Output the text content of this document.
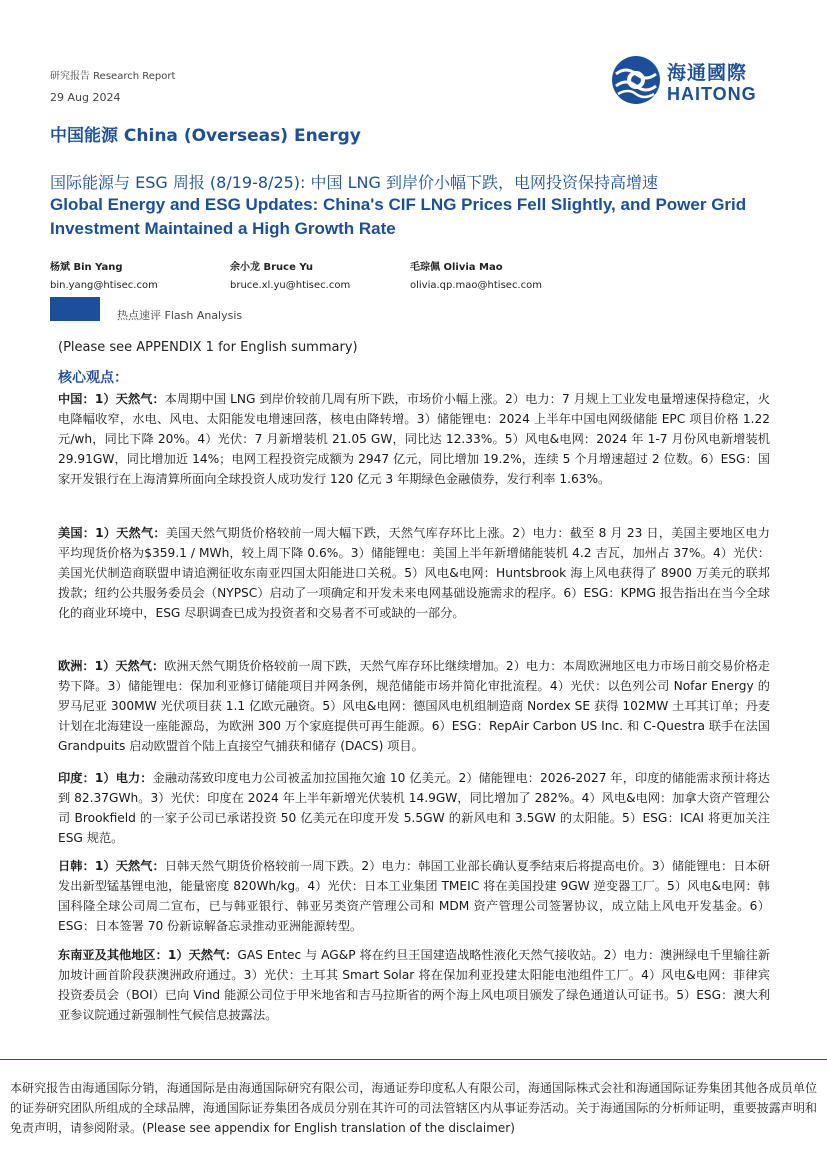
研究报告 Research Report
29 Aug 2024
海通國際
HAITONG
中国能源 China (Overseas) Energy
国际能源与 ESG 周报 (8/19-8/25): 中国 LNG 到岸价小幅下跌，电网投资保持高增速
Global Energy and ESG Updates: China's CIF LNG Prices Fell Slightly, and Power Grid Investment Maintained a High Growth Rate
杨斌 Bin Yang
bin.yang@htisec.com
余小龙 Bruce Yu
bruce.xl.yu@htisec.com
毛琮佩 Olivia Mao
olivia.qp.mao@htisec.com
热点速评 Flash Analysis
(Please see APPENDIX 1 for English summary)
核心观点：
中国：1）天然气：本周期中国 LNG 到岸价较前几周有所下跌，市场价小幅上涨。2）电力：7 月规上工业发电量增速保持稳定，火电降幅收窄，水电、风电、太阳能发电增速回落，核电由降转增。3）储能锂电：2024 上半年中国电网级储能 EPC 项目价格 1.22 元/wh，同比下降 20%。4）光伏：7 月新增装机 21.05 GW，同比达 12.33%。5）风电&电网：2024 年 1-7 月份风电新增装机 29.91GW，同比增加近 14%；电网工程投资完成额为 2947 亿元，同比增加 19.2%，连续 5 个月增速超过 2 位数。6）ESG：国家开发银行在上海清算所面向全球投资人成功发行 120 亿元 3 年期绿色金融债券，发行利率 1.63%。
美国：1）天然气：美国天然气期货价格较前一周大幅下跌，天然气库存环比上涨。2）电力：截至 8 月 23 日，美国主要地区电力平均现货价格为$359.1 / MWh，较上周下降 0.6%。3）储能锂电：美国上半年新增储能装机 4.2 吉瓦，加州占 37%。4）光伏：美国光伏制造商联盟申请追溯征收东南亚四国太阳能进口关税。5）风电&电网：Huntsbrook 海上风电获得了 8900 万美元的联邦拨款；纽约公共服务委员会（NYPSC）启动了一项确定和开发未来电网基础设施需求的程序。6）ESG：KPMG 报告指出在当今全球化的商业环境中，ESG 尽职调查已成为投资者和交易者不可或缺的一部分。
欧洲：1）天然气：欧洲天然气期货价格较前一周下跌，天然气库存环比继续增加。2）电力：本周欧洲地区电力市场日前交易价格走势下降。3）储能锂电：保加利亚修订储能项目并网条例，规范储能市场并简化审批流程。4）光伏：以色列公司 Nofar Energy 的罗马尼亚 300MW 光伏项目获 1.1 亿欧元融资。5）风电&电网：德国风电机组制造商 Nordex SE 获得 102MW 土耳其订单；丹麦计划在北海建设一座能源岛，为欧洲 300 万个家庭提供可再生能源。6）ESG：RepAir Carbon US Inc. 和 C-Questra 联手在法国 Grandpuits 启动欧盟首个陆上直接空气捕获和储存 (DACS) 项目。
印度：1）电力：金融动荡致印度电力公司被孟加拉国拖欠逾 10 亿美元。2）储能锂电：2026-2027 年，印度的储能需求预计将达到 82.37GWh。3）光伏：印度在 2024 年上半年新增光伏装机 14.9GW，同比增加了 282%。4）风电&电网：加拿大资产管理公司 Brookfield 的一家子公司已承诺投资 50 亿美元在印度开发 5.5GW 的新风电和 3.5GW 的太阳能。5）ESG：ICAI 将更加关注 ESG 规范。
日韩：1）天然气：日韩天然气期货价格较前一周下跌。2）电力：韩国工业部长确认夏季结束后将提高电价。3）储能锂电：日本研发出新型锰基锂电池，能量密度 820Wh/kg。4）光伏：日本工业集团 TMEIC 将在美国投建 9GW 逆变器工厂。5）风电&电网：韩国科隆全球公司周二宣布，已与韩亚银行、韩亚另类资产管理公司和 MDM 资产管理公司签署协议，成立陆上风电开发基金。6）ESG：日本签署 70 份新谅解备忘录推动亚洲能源转型。
东南亚及其他地区：1）天然气：GAS Entec 与 AG&P 将在约旦王国建造战略性液化天然气接收站。2）电力：澳洲绿电千里输往新加坡计画首阶段获澳洲政府通过。3）光伏：土耳其 Smart Solar 将在保加利亚投建太阳能电池组件工厂。4）风电&电网：菲律宾投资委员会（BOI）已向 Vind 能源公司位于甲米地省和吉马拉斯省的两个海上风电项目颁发了绿色通道认可证书。5）ESG：澳大利亚参议院通过新强制性气候信息披露法。
本研究报告由海通国际分销，海通国际是由海通国际研究有限公司，海通证券印度私人有限公司，海通国际株式会社和海通国际证券集团其他各成员单位的证券研究团队所组成的全球品牌，海通国际证券集团各成员分别在其许可的司法管辖区内从事证券活动。关于海通国际的分析师证明，重要披露声明和免责声明，请参阅附录。(Please see appendix for English translation of the disclaimer)
